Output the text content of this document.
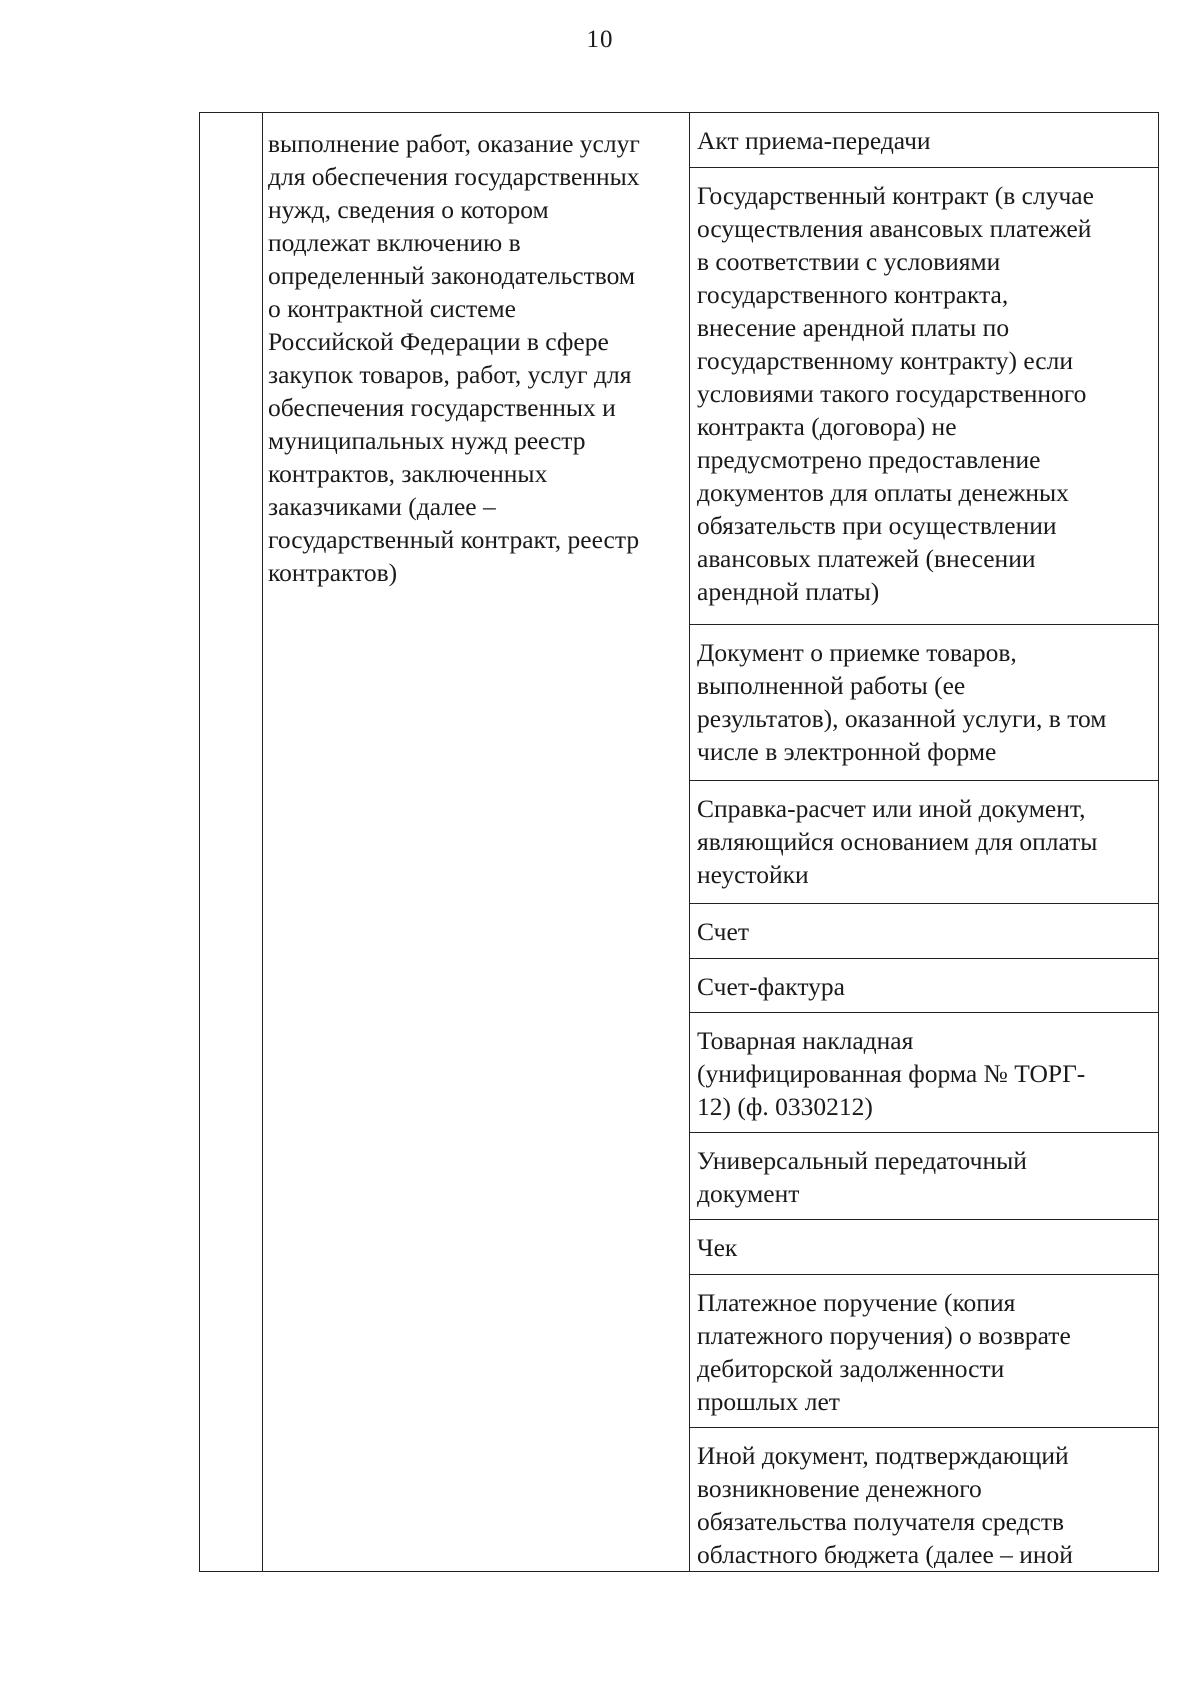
10
выполнение работ, оказание услуг
для обеспечения государственных
нужд, сведения о котором
подлежат включению в
определенный законодательством
о контрактной системе
Российской Федерации в сфере
закупок товаров, работ, услуг для
обеспечения государственных и
муниципальных нужд реестр
контрактов, заключенных
заказчиками (далее –
государственный контракт, реестр
контрактов)
Акт приема-передачи
Государственный контракт (в случае
осуществления авансовых платежей
в соответствии с условиями
государственного контракта,
внесение арендной платы по
государственному контракту) если
условиями такого государственного
контракта (договора) не
предусмотрено предоставление
документов для оплаты денежных
обязательств при осуществлении
авансовых платежей (внесении
арендной платы)
Документ о приемке товаров,
выполненной работы (ее
результатов), оказанной услуги, в том
числе в электронной форме
Справка-расчет или иной документ,
являющийся основанием для оплаты
неустойки
Счет
Счет-фактура
Товарная накладная
(унифицированная форма № ТОРГ-
12) (ф. 0330212)
Универсальный передаточный
документ
Чек
Платежное поручение (копия
платежного поручения) о возврате
дебиторской задолженности
прошлых лет
Иной документ, подтверждающий
возникновение денежного
обязательства получателя средств
областного бюджета (далее – иной
